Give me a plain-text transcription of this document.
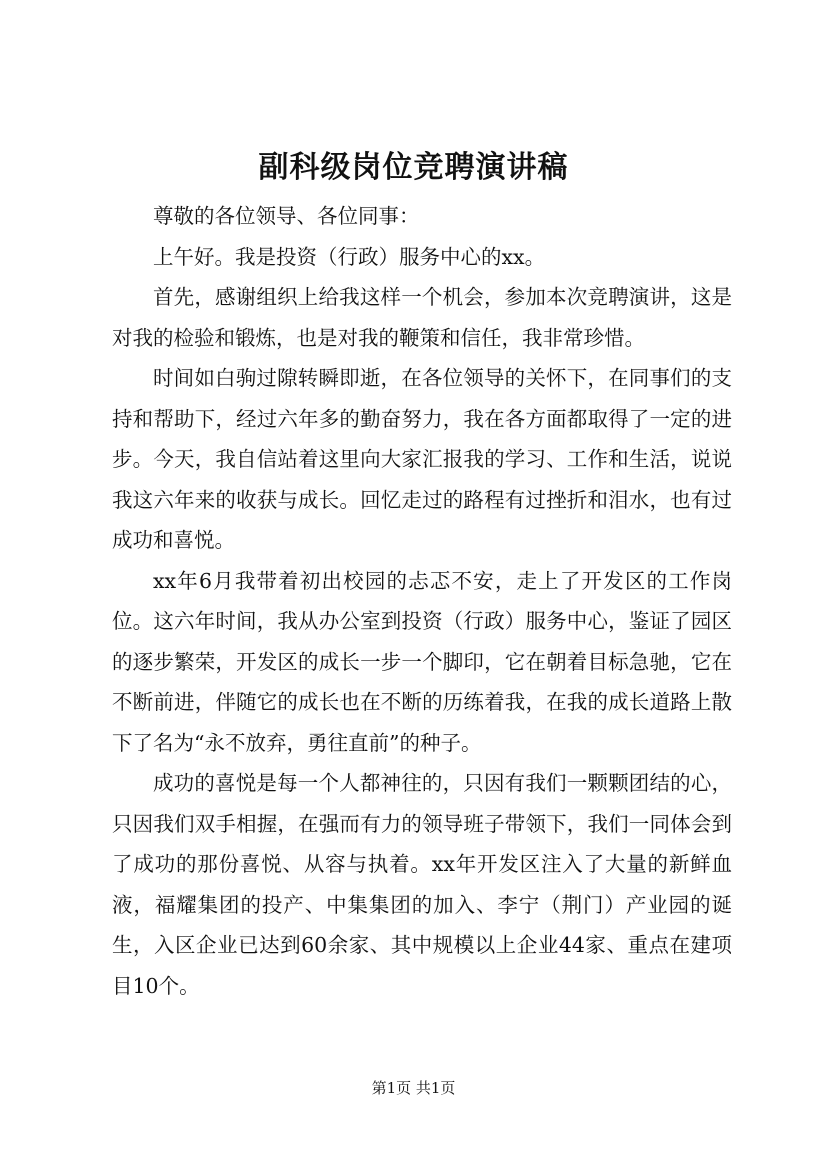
副科级岗位竞聘演讲稿

尊敬的各位领导、各位同事：

上午好。我是投资（行政）服务中心的xx。

首先，感谢组织上给我这样一个机会，参加本次竞聘演讲，这是对我的检验和锻炼，也是对我的鞭策和信任，我非常珍惜。

时间如白驹过隙转瞬即逝，在各位领导的关怀下，在同事们的支持和帮助下，经过六年多的勤奋努力，我在各方面都取得了一定的进步。今天，我自信站着这里向大家汇报我的学习、工作和生活，说说我这六年来的收获与成长。回忆走过的路程有过挫折和泪水，也有过成功和喜悦。

xx年6月我带着初出校园的忐忑不安，走上了开发区的工作岗位。这六年时间，我从办公室到投资（行政）服务中心，鉴证了园区的逐步繁荣，开发区的成长一步一个脚印，它在朝着目标急驰，它在不断前进，伴随它的成长也在不断的历练着我，在我的成长道路上散下了名为“永不放弃，勇往直前”的种子。

成功的喜悦是每一个人都神往的，只因有我们一颗颗团结的心，只因我们双手相握，在强而有力的领导班子带领下，我们一同体会到了成功的那份喜悦、从容与执着。xx年开发区注入了大量的新鲜血液，福耀集团的投产、中集集团的加入、李宁（荆门）产业园的诞生，入区企业已达到60余家、其中规模以上企业44家、重点在建项目10个。

第1页 共1页
